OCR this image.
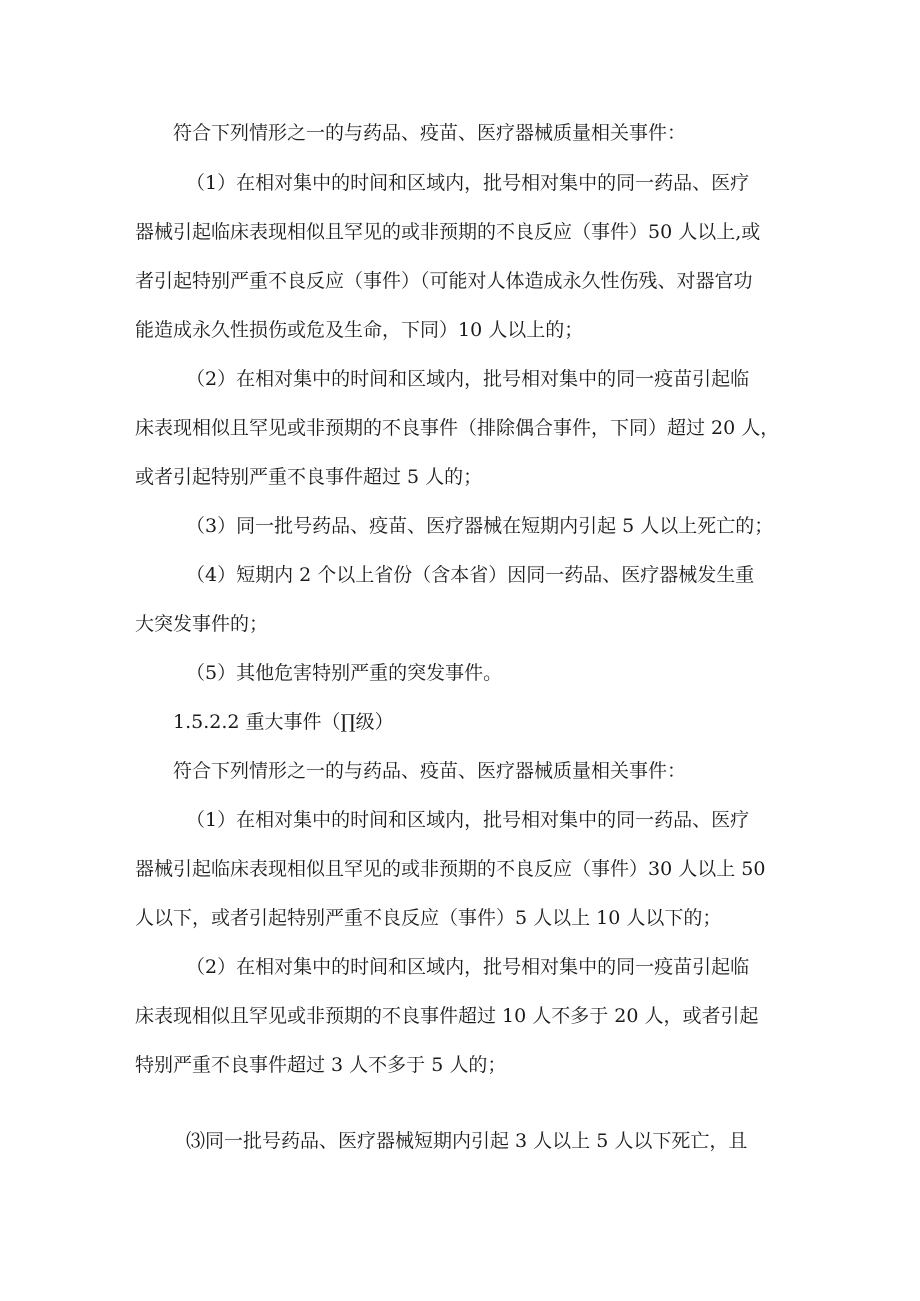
符合下列情形之一的与药品、疫苗、医疗器械质量相关事件：

（1）在相对集中的时间和区域内，批号相对集中的同一药品、医疗

器械引起临床表现相似且罕见的或非预期的不良反应（事件）50 人以上,或

者引起特别严重不良反应（事件）（可能对人体造成永久性伤残、对器官功

能造成永久性损伤或危及生命，下同）10 人以上的；

（2）在相对集中的时间和区域内，批号相对集中的同一疫苗引起临

床表现相似且罕见或非预期的不良事件（排除偶合事件，下同）超过 20 人，

或者引起特别严重不良事件超过 5 人的；

（3）同一批号药品、疫苗、医疗器械在短期内引起 5 人以上死亡的；

（4）短期内 2 个以上省份（含本省）因同一药品、医疗器械发生重

大突发事件的；

（5）其他危害特别严重的突发事件。

1.5.2.2 重大事件（∏级）

符合下列情形之一的与药品、疫苗、医疗器械质量相关事件：

（1）在相对集中的时间和区域内，批号相对集中的同一药品、医疗

器械引起临床表现相似且罕见的或非预期的不良反应（事件）30 人以上 50

人以下，或者引起特别严重不良反应（事件）5 人以上 10 人以下的；

（2）在相对集中的时间和区域内，批号相对集中的同一疫苗引起临

床表现相似且罕见或非预期的不良事件超过 10 人不多于 20 人，或者引起

特别严重不良事件超过 3 人不多于 5 人的；

⑶同一批号药品、医疗器械短期内引起 3 人以上 5 人以下死亡，且
